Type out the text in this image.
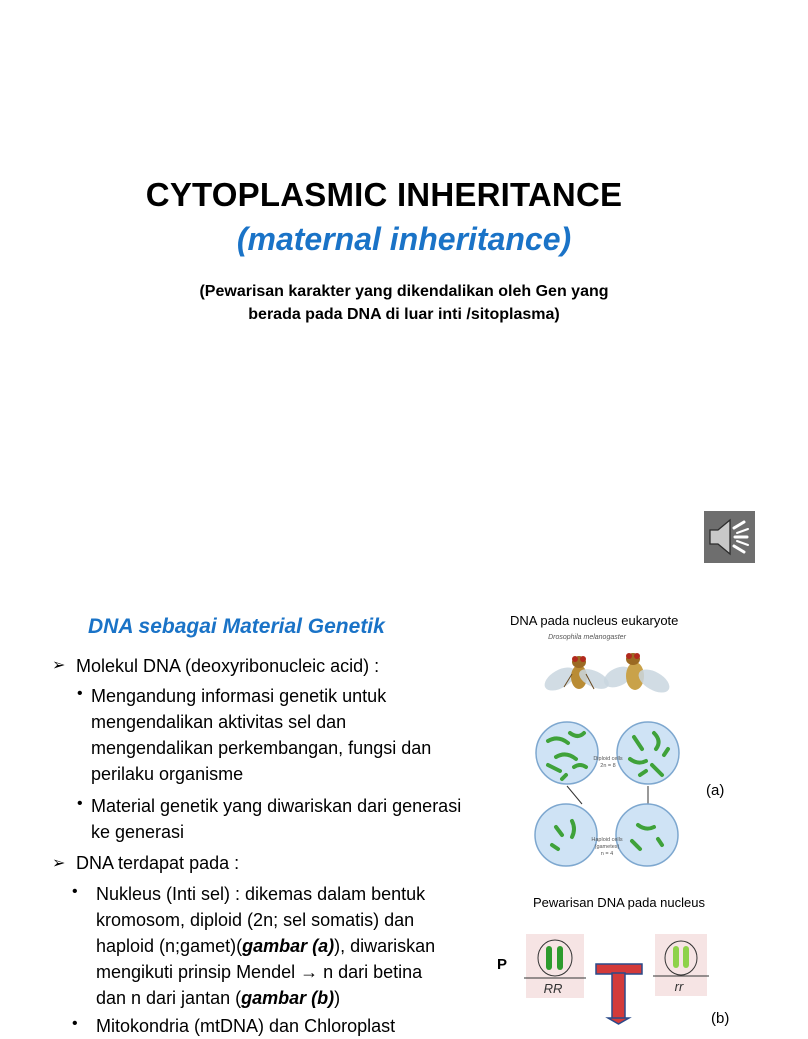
CYTOPLASMIC INHERITANCE
(maternal inheritance)
(Pewarisan karakter yang dikendalikan oleh Gen yang
berada pada DNA di luar inti /sitoplasma)
DNA sebagai Material Genetik
➢ Molekul DNA (deoxyribonucleic acid) :
• Mengandung informasi genetik untuk
mengendalikan aktivitas sel dan
mengendalikan perkembangan, fungsi dan
perilaku organisme
• Material genetik yang diwariskan dari generasi
ke generasi
➢ DNA terdapat pada :
• Nukleus (Inti sel) : dikemas dalam bentuk
kromosom, diploid (2n; sel somatis) dan
haploid (n;gamet)(gambar (a)), diwariskan
mengikuti prinsip Mendel → n dari betina
dan n dari jantan (gambar (b))
• Mitokondria (mtDNA) dan Chloroplast
DNA pada nucleus eukaryote
Drosophila melanogaster
Diploid cells
2n = 8
Haploid cells
(gametes)
n = 4
(a)
Pewarisan DNA pada nucleus
P
RR	rr
(b)
